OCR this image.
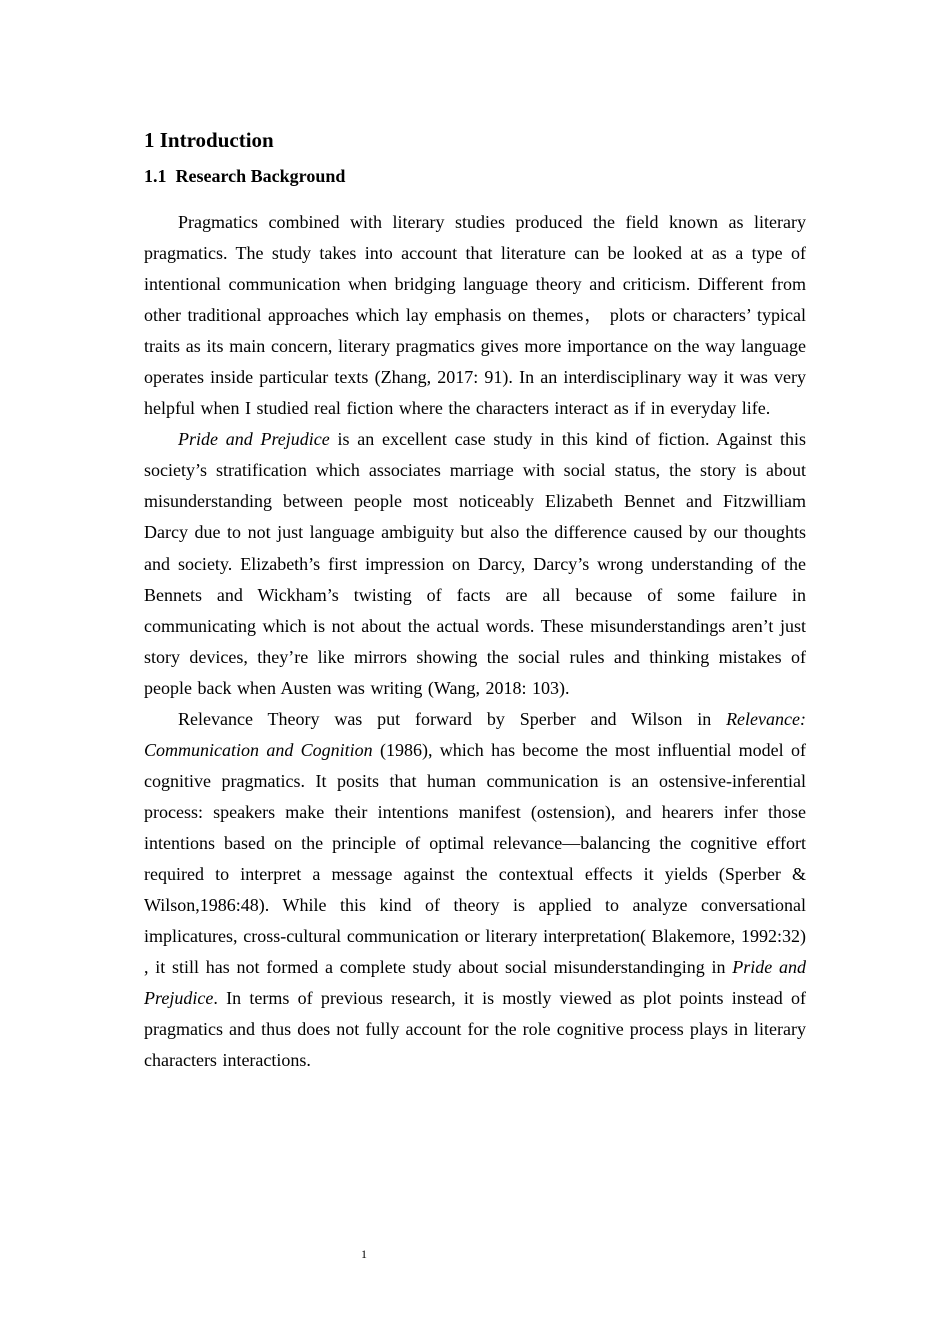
1 Introduction
1.1  Research Background

Pragmatics combined with literary studies produced the field known as literary pragmatics. The study takes into account that literature can be looked at as a type of intentional communication when bridging language theory and criticism. Different from other traditional approaches which lay emphasis on themes， plots or characters’ typical traits as its main concern, literary pragmatics gives more importance on the way language operates inside particular texts (Zhang, 2017: 91). In an interdisciplinary way it was very helpful when I studied real fiction where the characters interact as if in everyday life.

Pride and Prejudice is an excellent case study in this kind of fiction. Against this society’s stratification which associates marriage with social status, the story is about misunderstanding between people most noticeably Elizabeth Bennet and Fitzwilliam Darcy due to not just language ambiguity but also the difference caused by our thoughts and society. Elizabeth’s first impression on Darcy, Darcy’s wrong understanding of the Bennets and Wickham’s twisting of facts are all because of some failure in communicating which is not about the actual words. These misunderstandings aren’t just story devices, they’re like mirrors showing the social rules and thinking mistakes of people back when Austen was writing (Wang, 2018: 103).

Relevance Theory was put forward by Sperber and Wilson in Relevance: Communication and Cognition (1986), which has become the most influential model of cognitive pragmatics. It posits that human communication is an ostensive-inferential process: speakers make their intentions manifest (ostension), and hearers infer those intentions based on the principle of optimal relevance—balancing the cognitive effort required to interpret a message against the contextual effects it yields (Sperber & Wilson,1986:48). While this kind of theory is applied to analyze conversational implicatures, cross-cultural communication or literary interpretation( Blakemore, 1992:32) , it still has not formed a complete study about social misunderstandinging in Pride and Prejudice. In terms of previous research, it is mostly viewed as plot points instead of pragmatics and thus does not fully account for the role cognitive process plays in literary characters interactions.

1
